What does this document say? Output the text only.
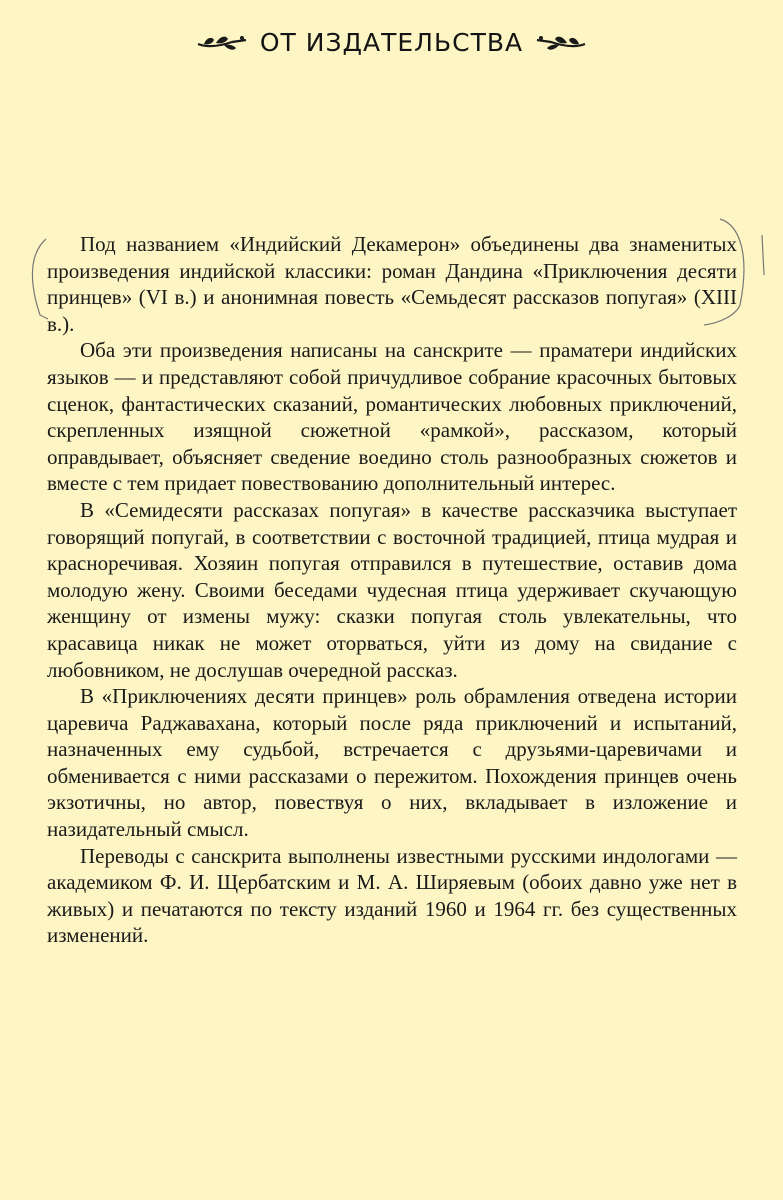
ОТ ИЗДАТЕЛЬСТВА

Под названием «Индийский Декамерон» объединены два знаменитых произведения индийской классики: роман Дандина «Приключения десяти принцев» (VI в.) и анонимная повесть «Семьдесят рассказов попугая» (XIII в.).

Оба эти произведения написаны на санскрите — праматери индийских языков — и представляют собой причудливое собрание красочных бытовых сценок, фантастических сказаний, романтических любовных приключений, скрепленных изящной сюжетной «рамкой», рассказом, который оправдывает, объясняет сведение воедино столь разнообразных сюжетов и вместе с тем придает повествованию дополнительный интерес.

В «Семидесяти рассказах попугая» в качестве рассказчика выступает говорящий попугай, в соответствии с восточной традицией, птица мудрая и красноречивая. Хозяин попугая отправился в путешествие, оставив дома молодую жену. Своими беседами чудесная птица удерживает скучающую женщину от измены мужу: сказки попугая столь увлекательны, что красавица никак не может оторваться, уйти из дому на свидание с любовником, не дослушав очередной рассказ.

В «Приключениях десяти принцев» роль обрамления отведена истории царевича Раджавахана, который после ряда приключений и испытаний, назначенных ему судьбой, встречается с друзьями-царевичами и обменивается с ними рассказами о пережитом. Похождения принцев очень экзотичны, но автор, повествуя о них, вкладывает в изложение и назидательный смысл.

Переводы с санскрита выполнены известными русскими индологами — академиком Ф. И. Щербатским и М. А. Ширяевым (обоих давно уже нет в живых) и печатаются по тексту изданий 1960 и 1964 гг. без существенных изменений.
